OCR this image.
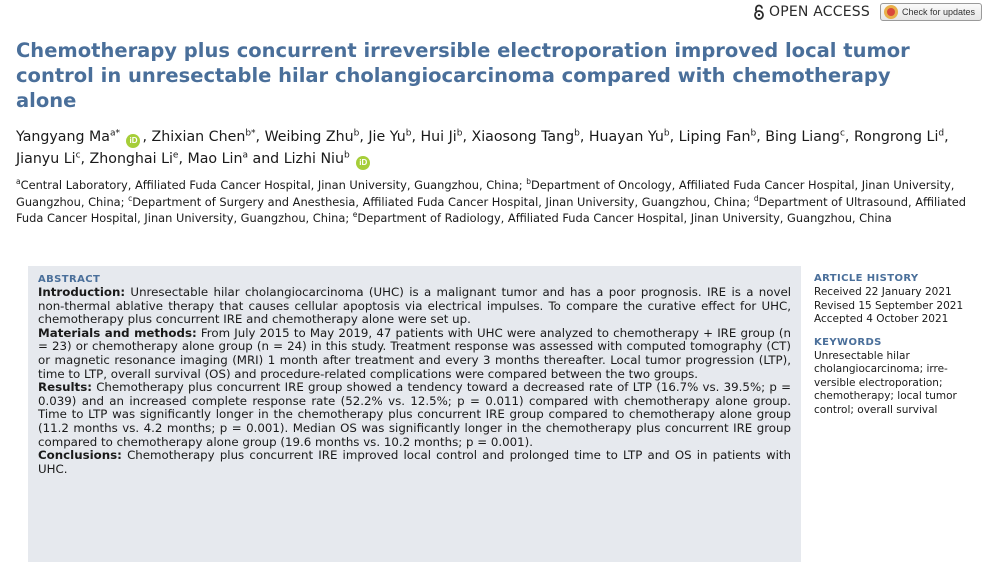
OPEN ACCESS	Check for updates
Chemotherapy plus concurrent irreversible electroporation improved local tumor control in unresectable hilar cholangiocarcinoma compared with chemotherapy alone
Yangyang $Ma^{a*}$ iD , Zhixian Chen$^{b*}$, Weibing Zhu$^b$, Jie Yu$^b$, Hui Ji$^b$, Xiaosong Tang$^b$, Huayan Yu$^b$, Liping Fan$^b$, Bing Liang$^c$, Rongrong Li$^d$, Jianyu Li$^c$, Zhonghai Li$^e$, Mao Lin$^a$ and Lizhi Niu$^b$ iD
$^a$Central Laboratory, Affiliated Fuda Cancer Hospital, Jinan University, Guangzhou, China; $^b$Department of Oncology, Affiliated Fuda Cancer Hospital, Jinan University, Guangzhou, China; $^c$Department of Surgery and Anesthesia, Affiliated Fuda Cancer Hospital, Jinan University, Guangzhou, China; $^d$Department of Ultrasound, Affiliated Fuda Cancer Hospital, Jinan University, Guangzhou, China; $^e$Department of Radiology, Affiliated Fuda Cancer Hospital, Jinan University, Guangzhou, China
ABSTRACT

Introduction: Unresectable hilar cholangiocarcinoma (UHC) is a malignant tumor and has a poor prognosis. IRE is a novel non-thermal ablative therapy that causes cellular apoptosis via electrical impulses. To compare the curative effect for UHC, chemotherapy plus concurrent IRE and chemotherapy alone were set up.

Materials and methods: From July 2015 to May 2019, 47 patients with UHC were analyzed to chemotherapy + IRE group (n = 23) or chemotherapy alone group (n = 24) in this study. Treatment response was assessed with computed tomography (CT) or magnetic resonance imaging (MRI) 1 month after treatment and every 3 months thereafter. Local tumor progression (LTP), time to LTP, overall survival (OS) and procedure-related complications were compared between the two groups.

Results: Chemotherapy plus concurrent IRE group showed a tendency toward a decreased rate of LTP (16.7% vs. 39.5%; p = 0.039) and an increased complete response rate (52.2% vs. 12.5%; p = 0.011) compared with chemotherapy alone group. Time to LTP was significantly longer in the chemotherapy plus concurrent IRE group compared to chemotherapy alone group (11.2 months vs. 4.2 months; p = 0.001). Median OS was significantly longer in the chemotherapy plus concurrent IRE group compared to chemotherapy alone group (19.6 months vs. 10.2 months; p = 0.001).

Conclusions: Chemotherapy plus concurrent IRE improved local control and prolonged time to LTP and OS in patients with UHC.

ARTICLE HISTORY
Received 22 January 2021
Revised 15 September 2021
Accepted 4 October 2021
KEYWORDS
Unresectable hilar
cholangiocarcinoma; irre-
versible electroporation;
chemotherapy; local tumor
control; overall survival
